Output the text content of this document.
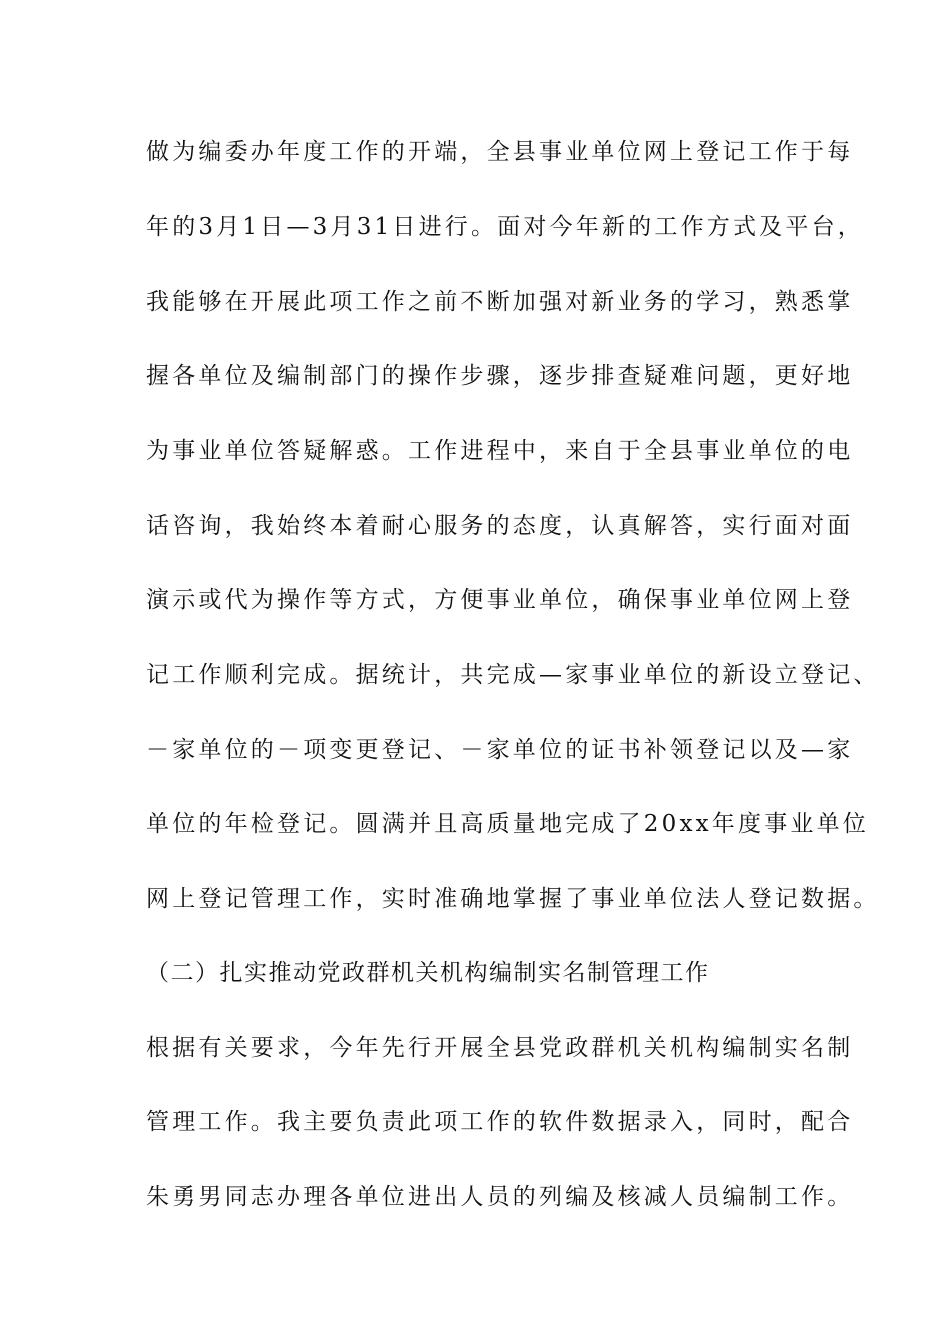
做为编委办年度工作的开端，全县事业单位网上登记工作于每
年的3月1日—3月31日进行。面对今年新的工作方式及平台，
我能够在开展此项工作之前不断加强对新业务的学习，熟悉掌
握各单位及编制部门的操作步骤，逐步排查疑难问题，更好地
为事业单位答疑解惑。工作进程中，来自于全县事业单位的电
话咨询，我始终本着耐心服务的态度，认真解答，实行面对面
演示或代为操作等方式，方便事业单位，确保事业单位网上登
记工作顺利完成。据统计，共完成—家事业单位的新设立登记、
－家单位的－项变更登记、－家单位的证书补领登记以及—家
单位的年检登记。圆满并且高质量地完成了20xx年度事业单位
网上登记管理工作，实时准确地掌握了事业单位法人登记数据。
（二）扎实推动党政群机关机构编制实名制管理工作
根据有关要求，今年先行开展全县党政群机关机构编制实名制
管理工作。我主要负责此项工作的软件数据录入，同时，配合
朱勇男同志办理各单位进出人员的列编及核减人员编制工作。
